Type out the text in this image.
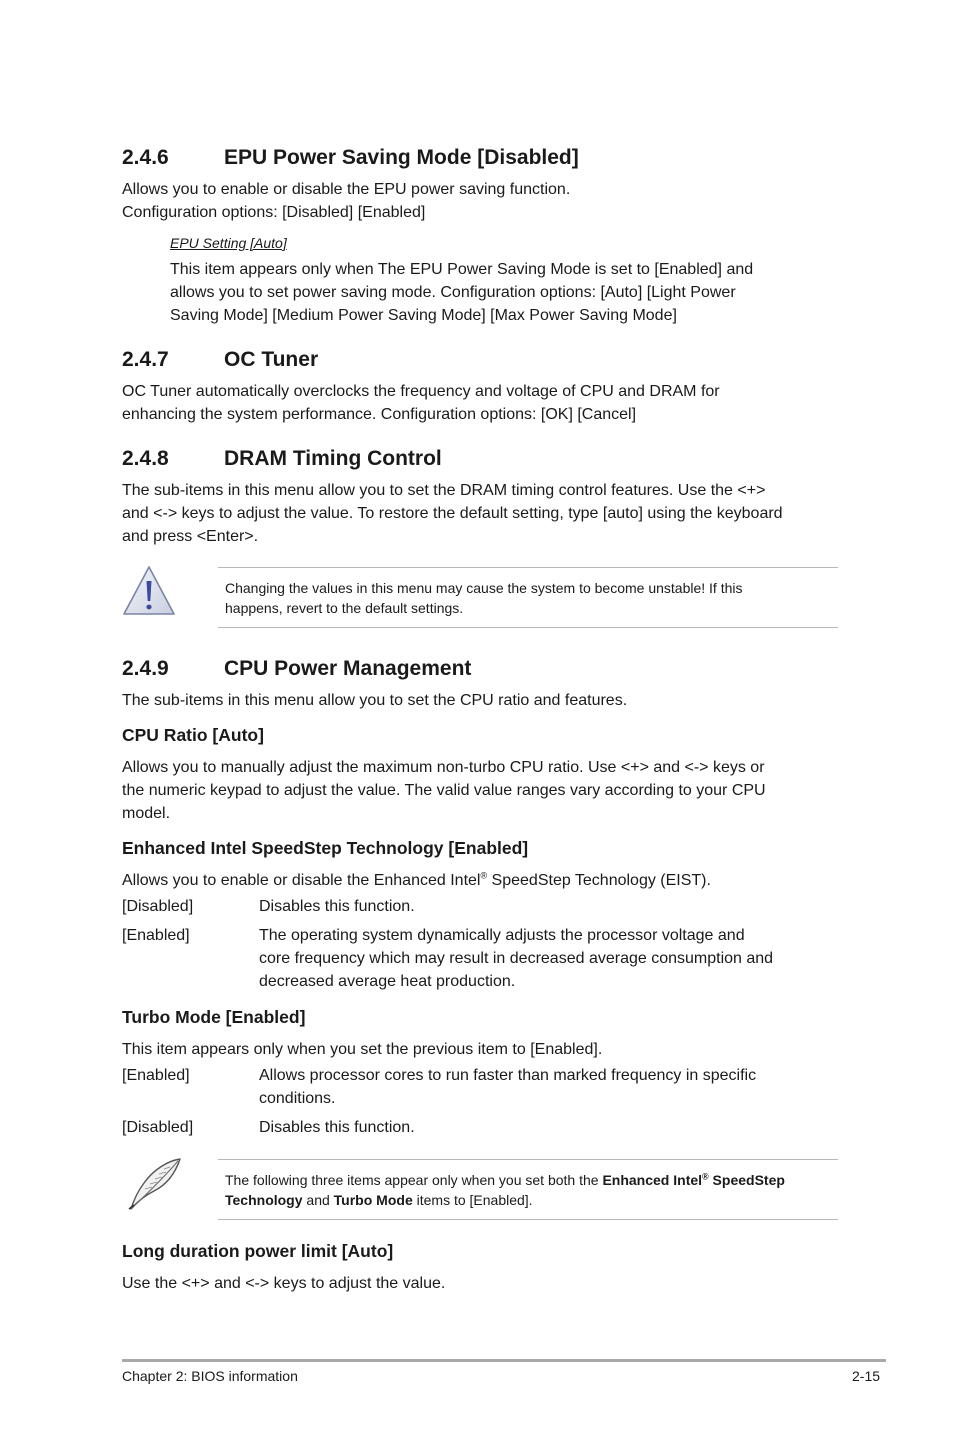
2.4.6	EPU Power Saving Mode [Disabled]
Allows you to enable or disable the EPU power saving function.
Configuration options: [Disabled] [Enabled]
EPU Setting [Auto]
This item appears only when The EPU Power Saving Mode is set to [Enabled] and
allows you to set power saving mode. Configuration options: [Auto] [Light Power
Saving Mode] [Medium Power Saving Mode] [Max Power Saving Mode]
2.4.7	OC Tuner
OC Tuner automatically overclocks the frequency and voltage of CPU and DRAM for
enhancing the system performance. Configuration options: [OK] [Cancel]
2.4.8	DRAM Timing Control
The sub-items in this menu allow you to set the DRAM timing control features. Use the <+>
and <-> keys to adjust the value. To restore the default setting, type [auto] using the keyboard
and press <Enter>.
Changing the values in this menu may cause the system to become unstable! If this
happens, revert to the default settings.
2.4.9	CPU Power Management
The sub-items in this menu allow you to set the CPU ratio and features.
CPU Ratio [Auto]
Allows you to manually adjust the maximum non-turbo CPU ratio. Use <+> and <-> keys or
the numeric keypad to adjust the value. The valid value ranges vary according to your CPU
model.
Enhanced Intel SpeedStep Technology [Enabled]
Allows you to enable or disable the Enhanced Intel® SpeedStep Technology (EIST).
[Disabled]	Disables this function.
[Enabled]	The operating system dynamically adjusts the processor voltage and
core frequency which may result in decreased average consumption and
decreased average heat production.
Turbo Mode [Enabled]
This item appears only when you set the previous item to [Enabled].
[Enabled]	Allows processor cores to run faster than marked frequency in specific
conditions.
[Disabled]	Disables this function.
The following three items appear only when you set both the Enhanced Intel® SpeedStep
Technology and Turbo Mode items to [Enabled].
Long duration power limit [Auto]
Use the <+> and <-> keys to adjust the value.
Chapter 2: BIOS information	2-15
